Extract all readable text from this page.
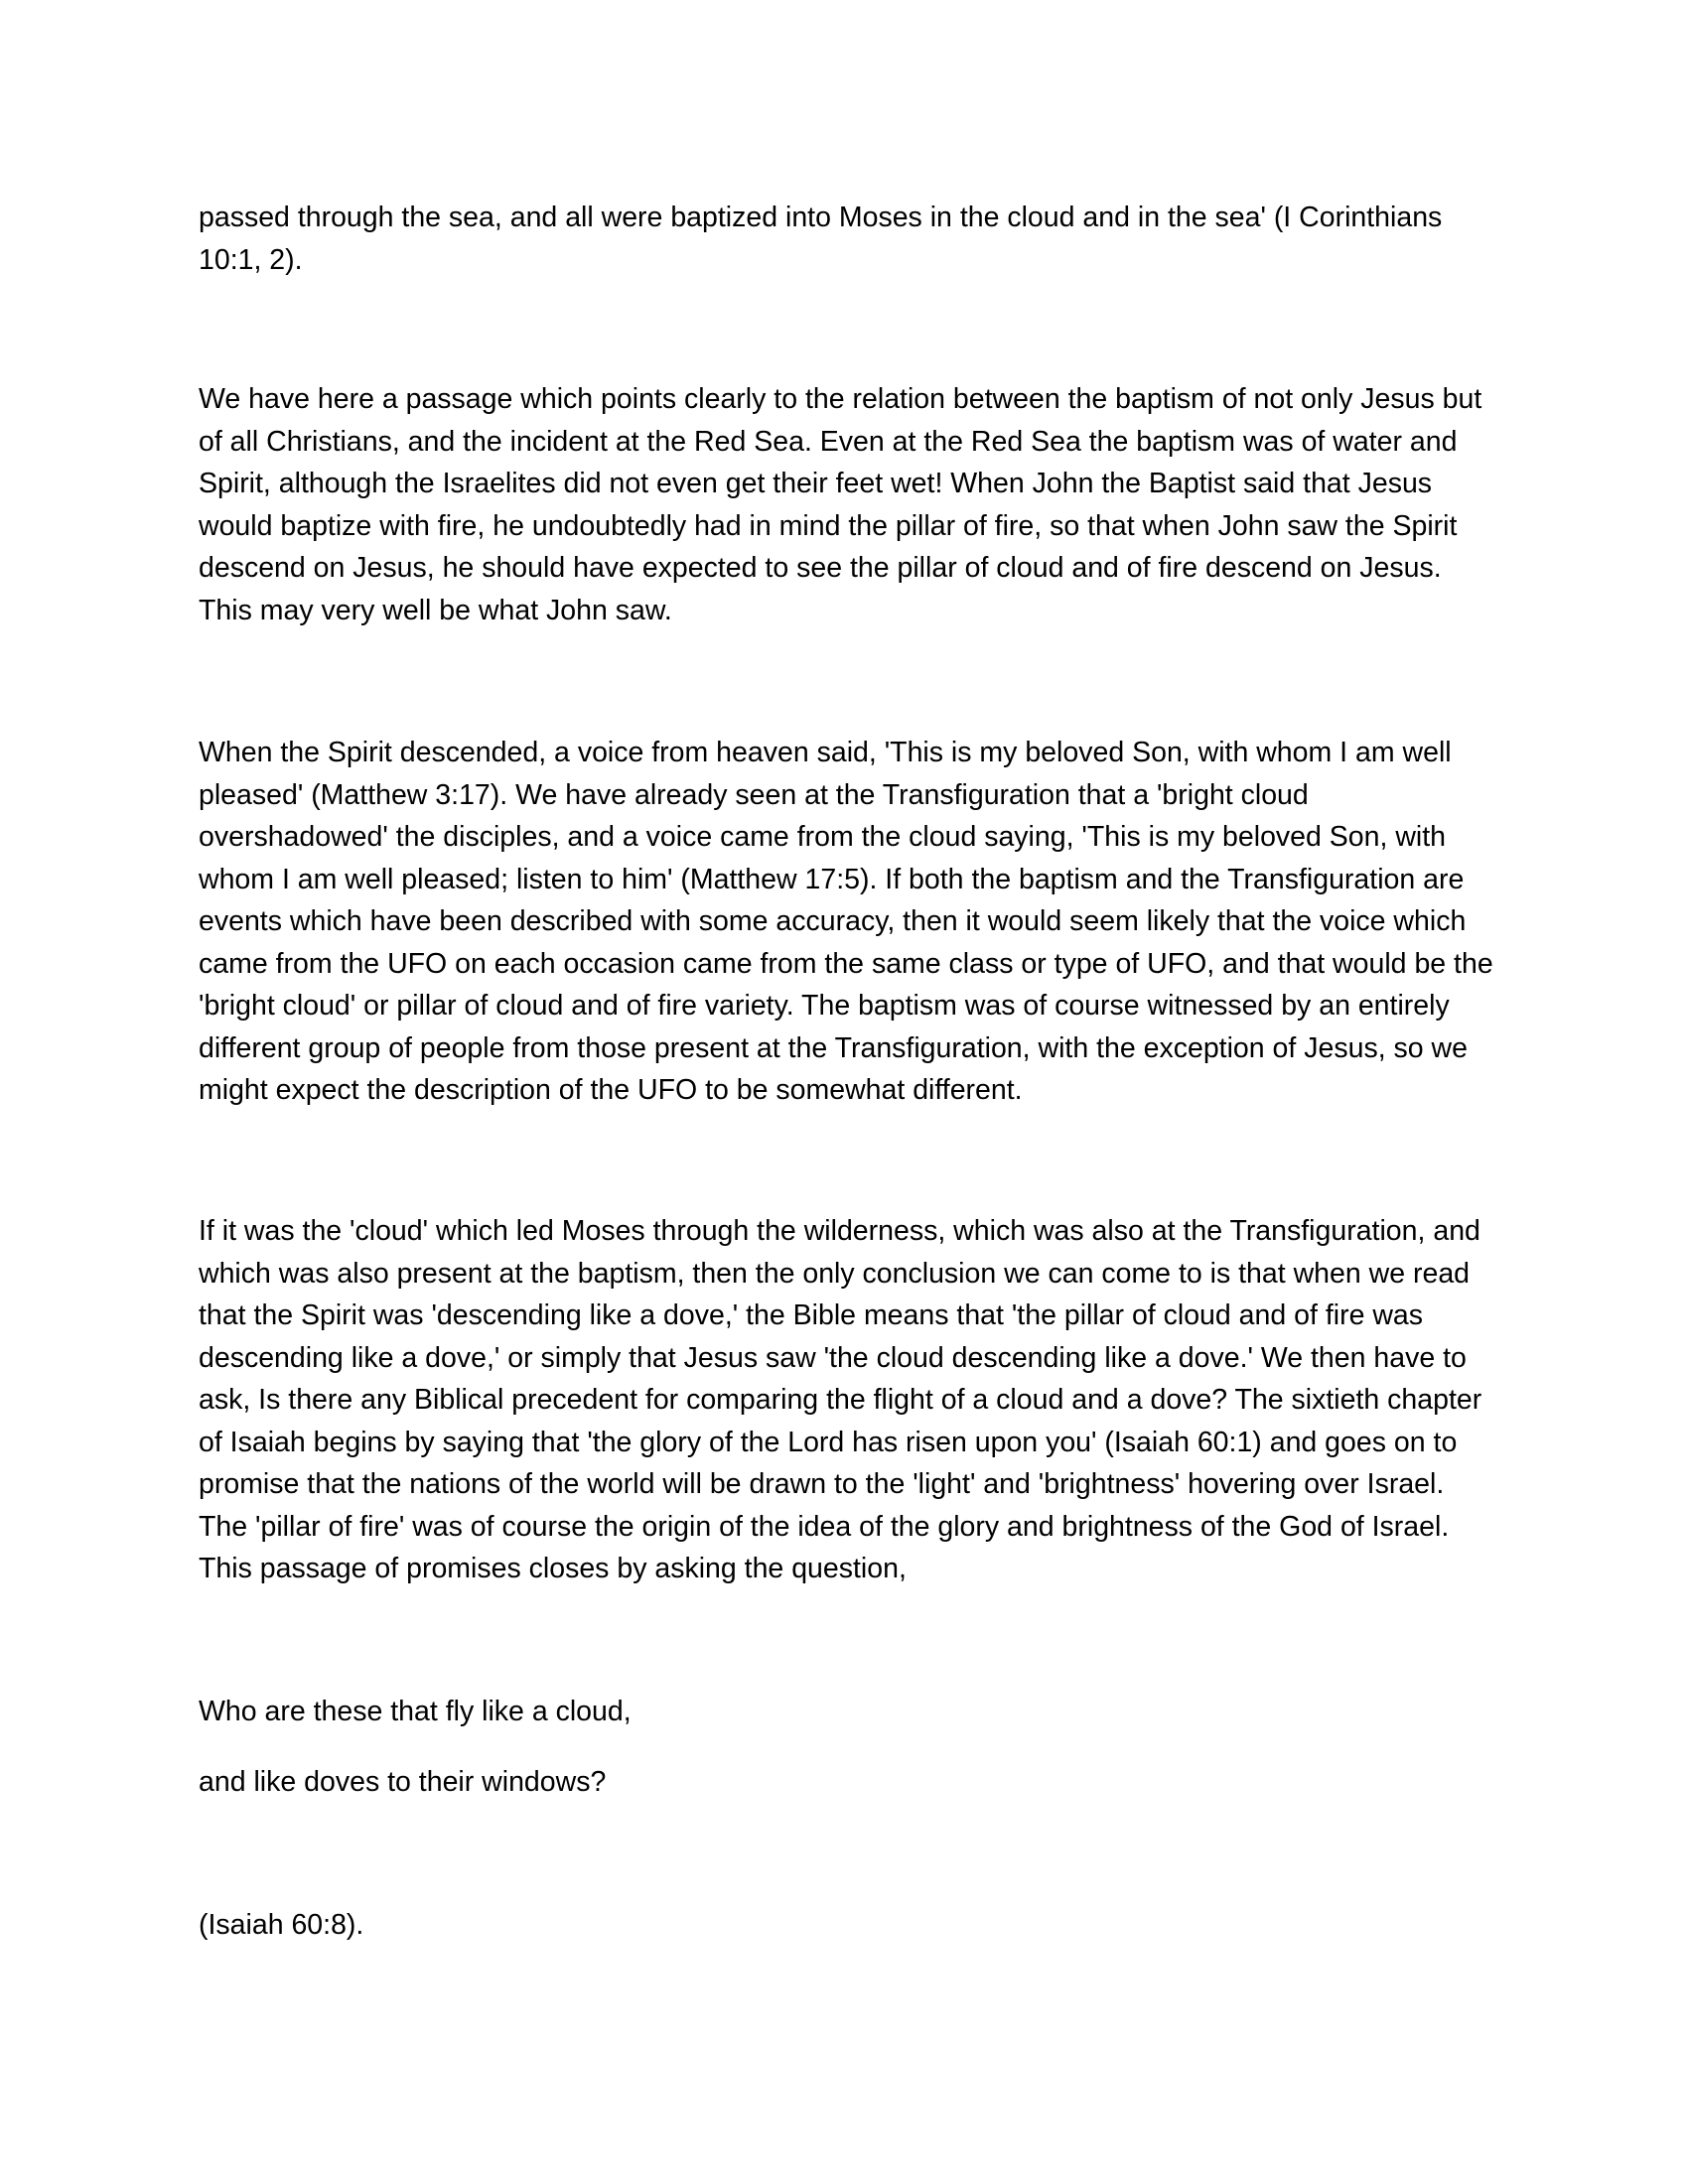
passed through the sea, and all were baptized into Moses in the cloud and in the sea' (I Corinthians 10:1, 2).

We have here a passage which points clearly to the relation between the baptism of not only Jesus but of all Christians, and the incident at the Red Sea. Even at the Red Sea the baptism was of water and Spirit, although the Israelites did not even get their feet wet! When John the Baptist said that Jesus would baptize with fire, he undoubtedly had in mind the pillar of fire, so that when John saw the Spirit descend on Jesus, he should have expected to see the pillar of cloud and of fire descend on Jesus. This may very well be what John saw.

When the Spirit descended, a voice from heaven said, 'This is my beloved Son, with whom I am well pleased' (Matthew 3:17). We have already seen at the Transfiguration that a 'bright cloud overshadowed' the disciples, and a voice came from the cloud saying, 'This is my beloved Son, with whom I am well pleased; listen to him' (Matthew 17:5). If both the baptism and the Transfiguration are events which have been described with some accuracy, then it would seem likely that the voice which came from the UFO on each occasion came from the same class or type of UFO, and that would be the 'bright cloud' or pillar of cloud and of fire variety. The baptism was of course witnessed by an entirely different group of people from those present at the Transfiguration, with the exception of Jesus, so we might expect the description of the UFO to be somewhat different.

If it was the 'cloud' which led Moses through the wilderness, which was also at the Transfiguration, and which was also present at the baptism, then the only conclusion we can come to is that when we read that the Spirit was 'descending like a dove,' the Bible means that 'the pillar of cloud and of fire was descending like a dove,' or simply that Jesus saw 'the cloud descending like a dove.' We then have to ask, Is there any Biblical precedent for comparing the flight of a cloud and a dove? The sixtieth chapter of Isaiah begins by saying that 'the glory of the Lord has risen upon you' (Isaiah 60:1) and goes on to promise that the nations of the world will be drawn to the 'light' and 'brightness' hovering over Israel. The 'pillar of fire' was of course the origin of the idea of the glory and brightness of the God of Israel. This passage of promises closes by asking the question,

Who are these that fly like a cloud,

and like doves to their windows?

(Isaiah 60:8).
